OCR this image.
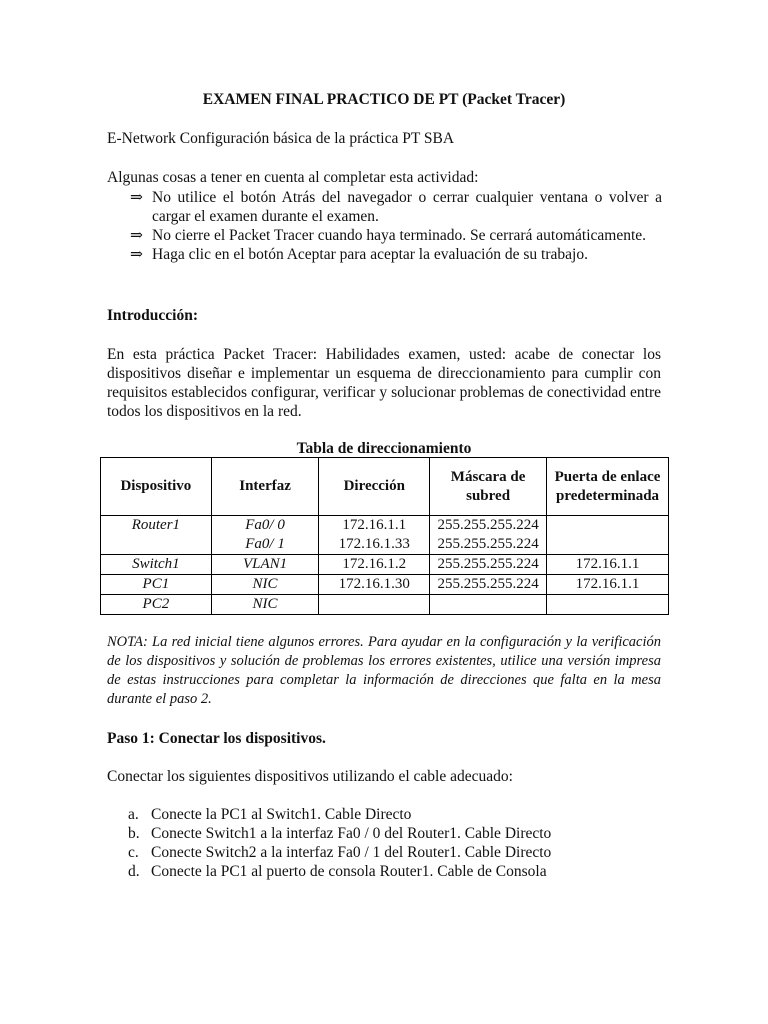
EXAMEN FINAL PRACTICO DE PT (Packet Tracer)
E-Network Configuración básica de la práctica PT SBA
Algunas cosas a tener en cuenta al completar esta actividad:
⇒ No utilice el botón Atrás del navegador o cerrar cualquier ventana o volver a cargar el examen durante el examen.
⇒ No cierre el Packet Tracer cuando haya terminado. Se cerrará automáticamente.
⇒ Haga clic en el botón Aceptar para aceptar la evaluación de su trabajo.
Introducción:
En esta práctica Packet Tracer: Habilidades examen, usted: acabe de conectar los dispositivos diseñar e implementar un esquema de direccionamiento para cumplir con requisitos establecidos configurar, verificar y solucionar problemas de conectividad entre todos los dispositivos en la red.
Tabla de direccionamiento
Dispositivo	Interfaz	Dirección	Máscara de subred	Puerta de enlace predeterminada
Router1	Fa0/ 0	172.16.1.1	255.255.255.224	
	Fa0/ 1	172.16.1.33	255.255.255.224	
Switch1	VLAN1	172.16.1.2	255.255.255.224	172.16.1.1
PC1	NIC	172.16.1.30	255.255.255.224	172.16.1.1
PC2	NIC			
NOTA: La red inicial tiene algunos errores. Para ayudar en la configuración y la verificación de los dispositivos y solución de problemas los errores existentes, utilice una versión impresa de estas instrucciones para completar la información de direcciones que falta en la mesa durante el paso 2.
Paso 1: Conectar los dispositivos.
Conectar los siguientes dispositivos utilizando el cable adecuado:
a. Conecte la PC1 al Switch1. Cable Directo
b. Conecte Switch1 a la interfaz Fa0 / 0 del Router1. Cable Directo
c. Conecte Switch2 a la interfaz Fa0 / 1 del Router1. Cable Directo
d. Conecte la PC1 al puerto de consola Router1. Cable de Consola
